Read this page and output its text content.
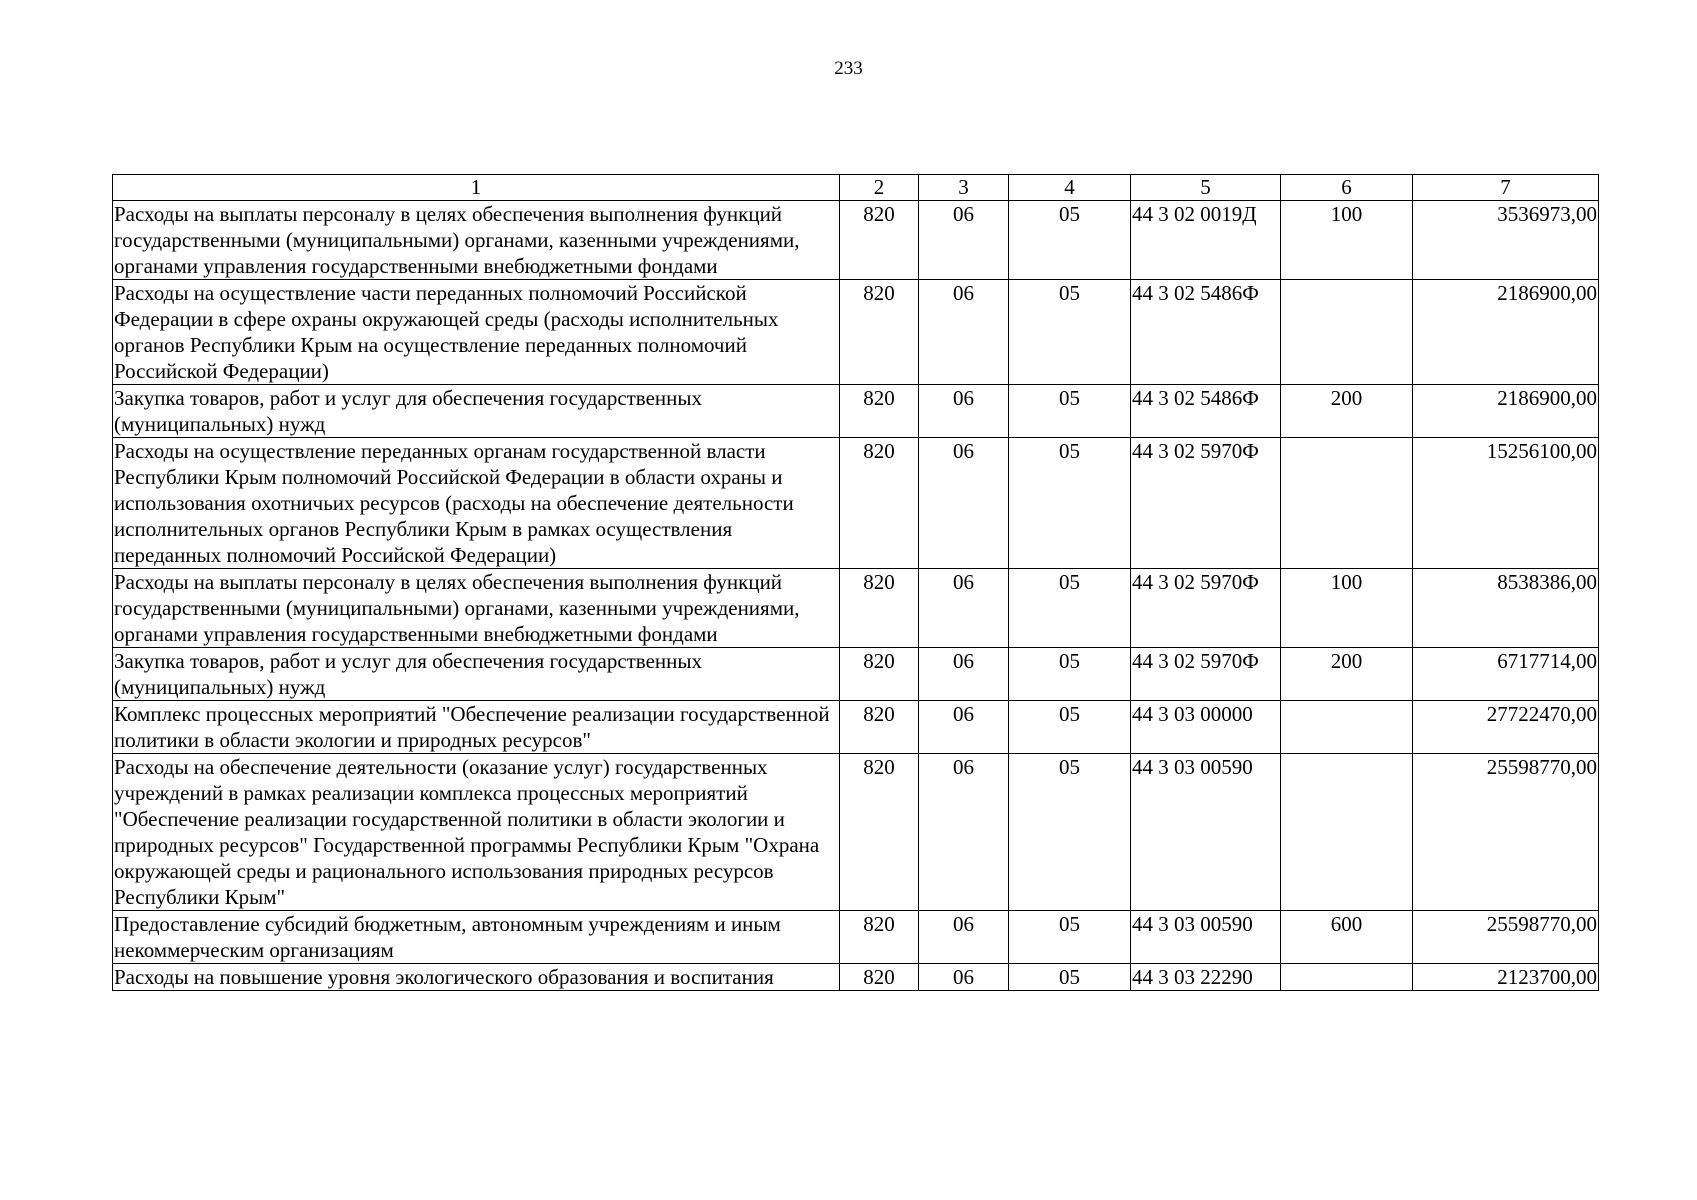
233
1	2	3	4	5	6	7
Расходы на выплаты персоналу в целях обеспечения выполнения функций государственными (муниципальными) органами, казенными учреждениями, органами управления государственными внебюджетными фондами	820	06	05	44 3 02 0019Д	100	3536973,00
Расходы на осуществление части переданных полномочий Российской Федерации в сфере охраны окружающей среды (расходы исполнительных органов Республики Крым на осуществление переданных полномочий Российской Федерации)	820	06	05	44 3 02 5486Ф		2186900,00
Закупка товаров, работ и услуг для обеспечения государственных (муниципальных) нужд	820	06	05	44 3 02 5486Ф	200	2186900,00
Расходы на осуществление переданных органам государственной власти Республики Крым полномочий Российской Федерации в области охраны и использования охотничьих ресурсов (расходы на обеспечение деятельности исполнительных органов Республики Крым в рамках осуществления переданных полномочий Российской Федерации)	820	06	05	44 3 02 5970Ф		15256100,00
Расходы на выплаты персоналу в целях обеспечения выполнения функций государственными (муниципальными) органами, казенными учреждениями, органами управления государственными внебюджетными фондами	820	06	05	44 3 02 5970Ф	100	8538386,00
Закупка товаров, работ и услуг для обеспечения государственных (муниципальных) нужд	820	06	05	44 3 02 5970Ф	200	6717714,00
Комплекс процессных мероприятий "Обеспечение реализации государственной политики в области экологии и природных ресурсов"	820	06	05	44 3 03 00000		27722470,00
Расходы на обеспечение деятельности (оказание услуг) государственных учреждений в рамках реализации комплекса процессных мероприятий "Обеспечение реализации государственной политики в области экологии и природных ресурсов" Государственной программы Республики Крым "Охрана окружающей среды и рационального использования природных ресурсов Республики Крым"	820	06	05	44 3 03 00590		25598770,00
Предоставление субсидий бюджетным, автономным учреждениям и иным некоммерческим организациям	820	06	05	44 3 03 00590	600	25598770,00
Расходы на повышение уровня экологического образования и воспитания	820	06	05	44 3 03 22290		2123700,00
